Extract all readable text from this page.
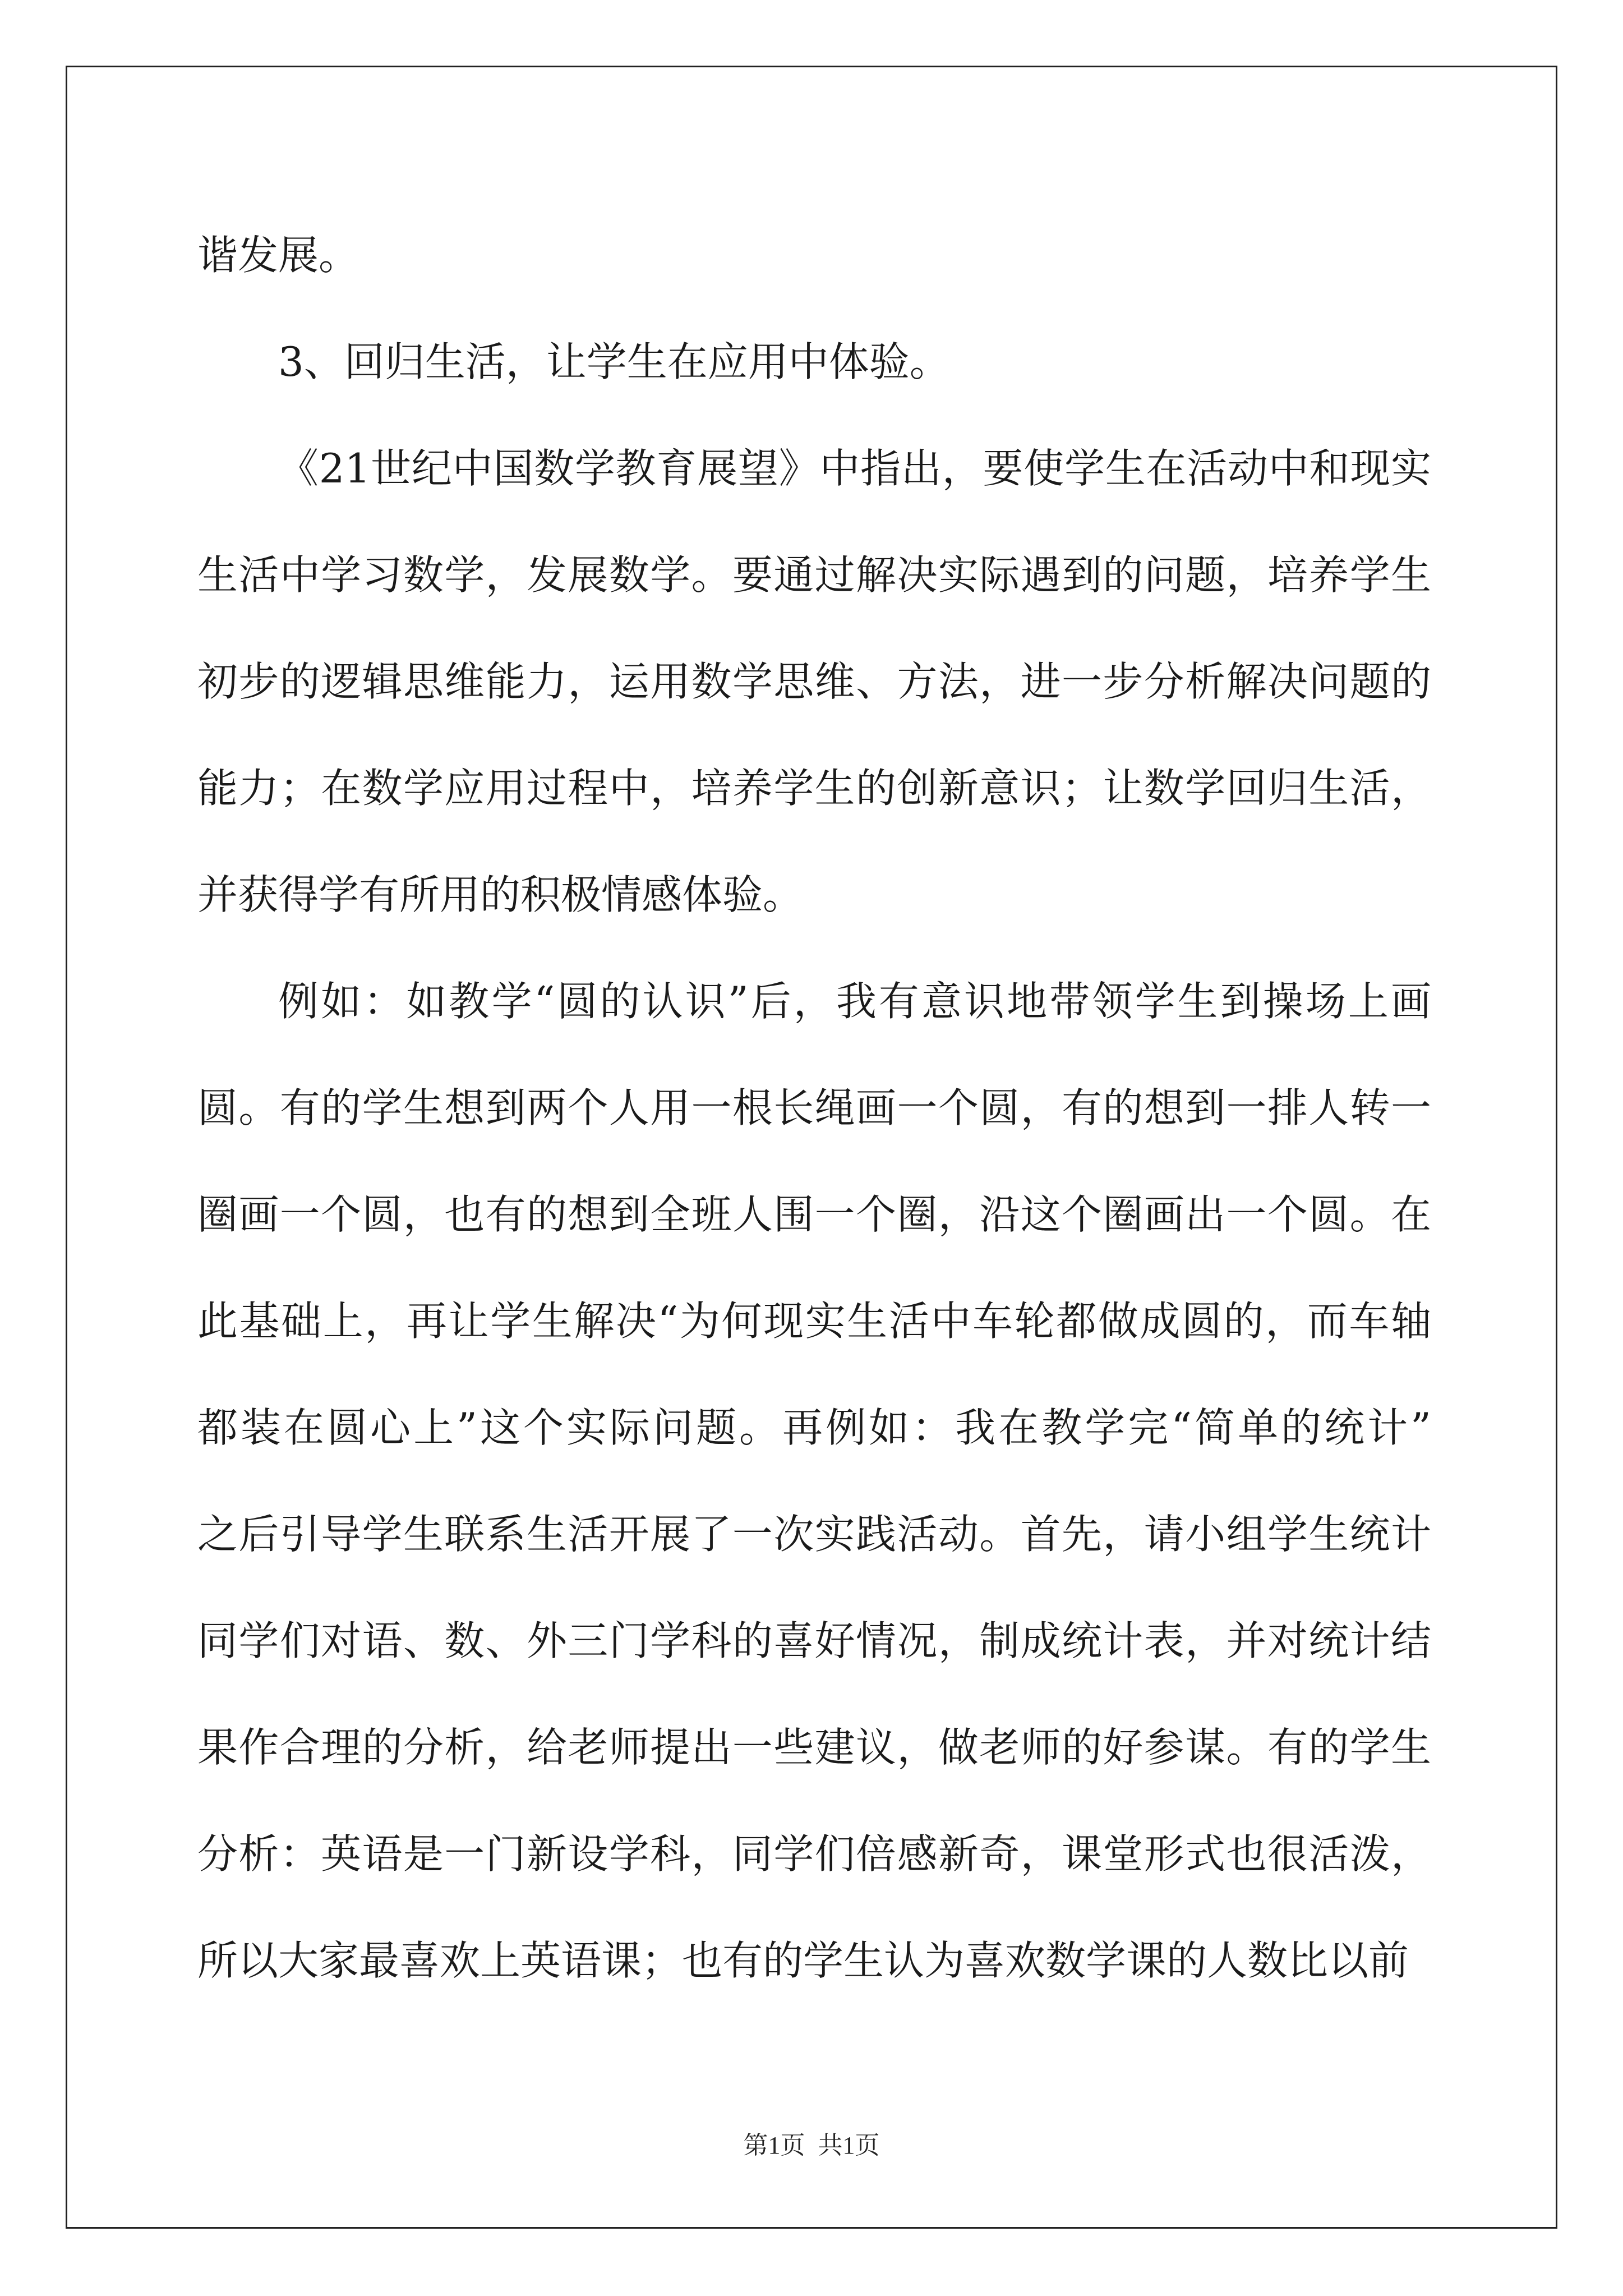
谐发展。
3、回归生活，让学生在应用中体验。
《21世纪中国数学教育展望》中指出，要使学生在活动中和现实
生活中学习数学，发展数学。要通过解决实际遇到的问题，培养学生
初步的逻辑思维能力，运用数学思维、方法，进一步分析解决问题的
能力；在数学应用过程中，培养学生的创新意识；让数学回归生活，
并获得学有所用的积极情感体验。
例如：如教学“圆的认识”后，我有意识地带领学生到操场上画
圆。有的学生想到两个人用一根长绳画一个圆，有的想到一排人转一
圈画一个圆，也有的想到全班人围一个圈，沿这个圈画出一个圆。在
此基础上，再让学生解决“为何现实生活中车轮都做成圆的，而车轴
都装在圆心上”这个实际问题。再例如：我在教学完“简单的统计”
之后引导学生联系生活开展了一次实践活动。首先，请小组学生统计
同学们对语、数、外三门学科的喜好情况，制成统计表，并对统计结
果作合理的分析，给老师提出一些建议，做老师的好参谋。有的学生
分析：英语是一门新设学科，同学们倍感新奇，课堂形式也很活泼，
所以大家最喜欢上英语课；也有的学生认为喜欢数学课的人数比以前
第1页 共1页
